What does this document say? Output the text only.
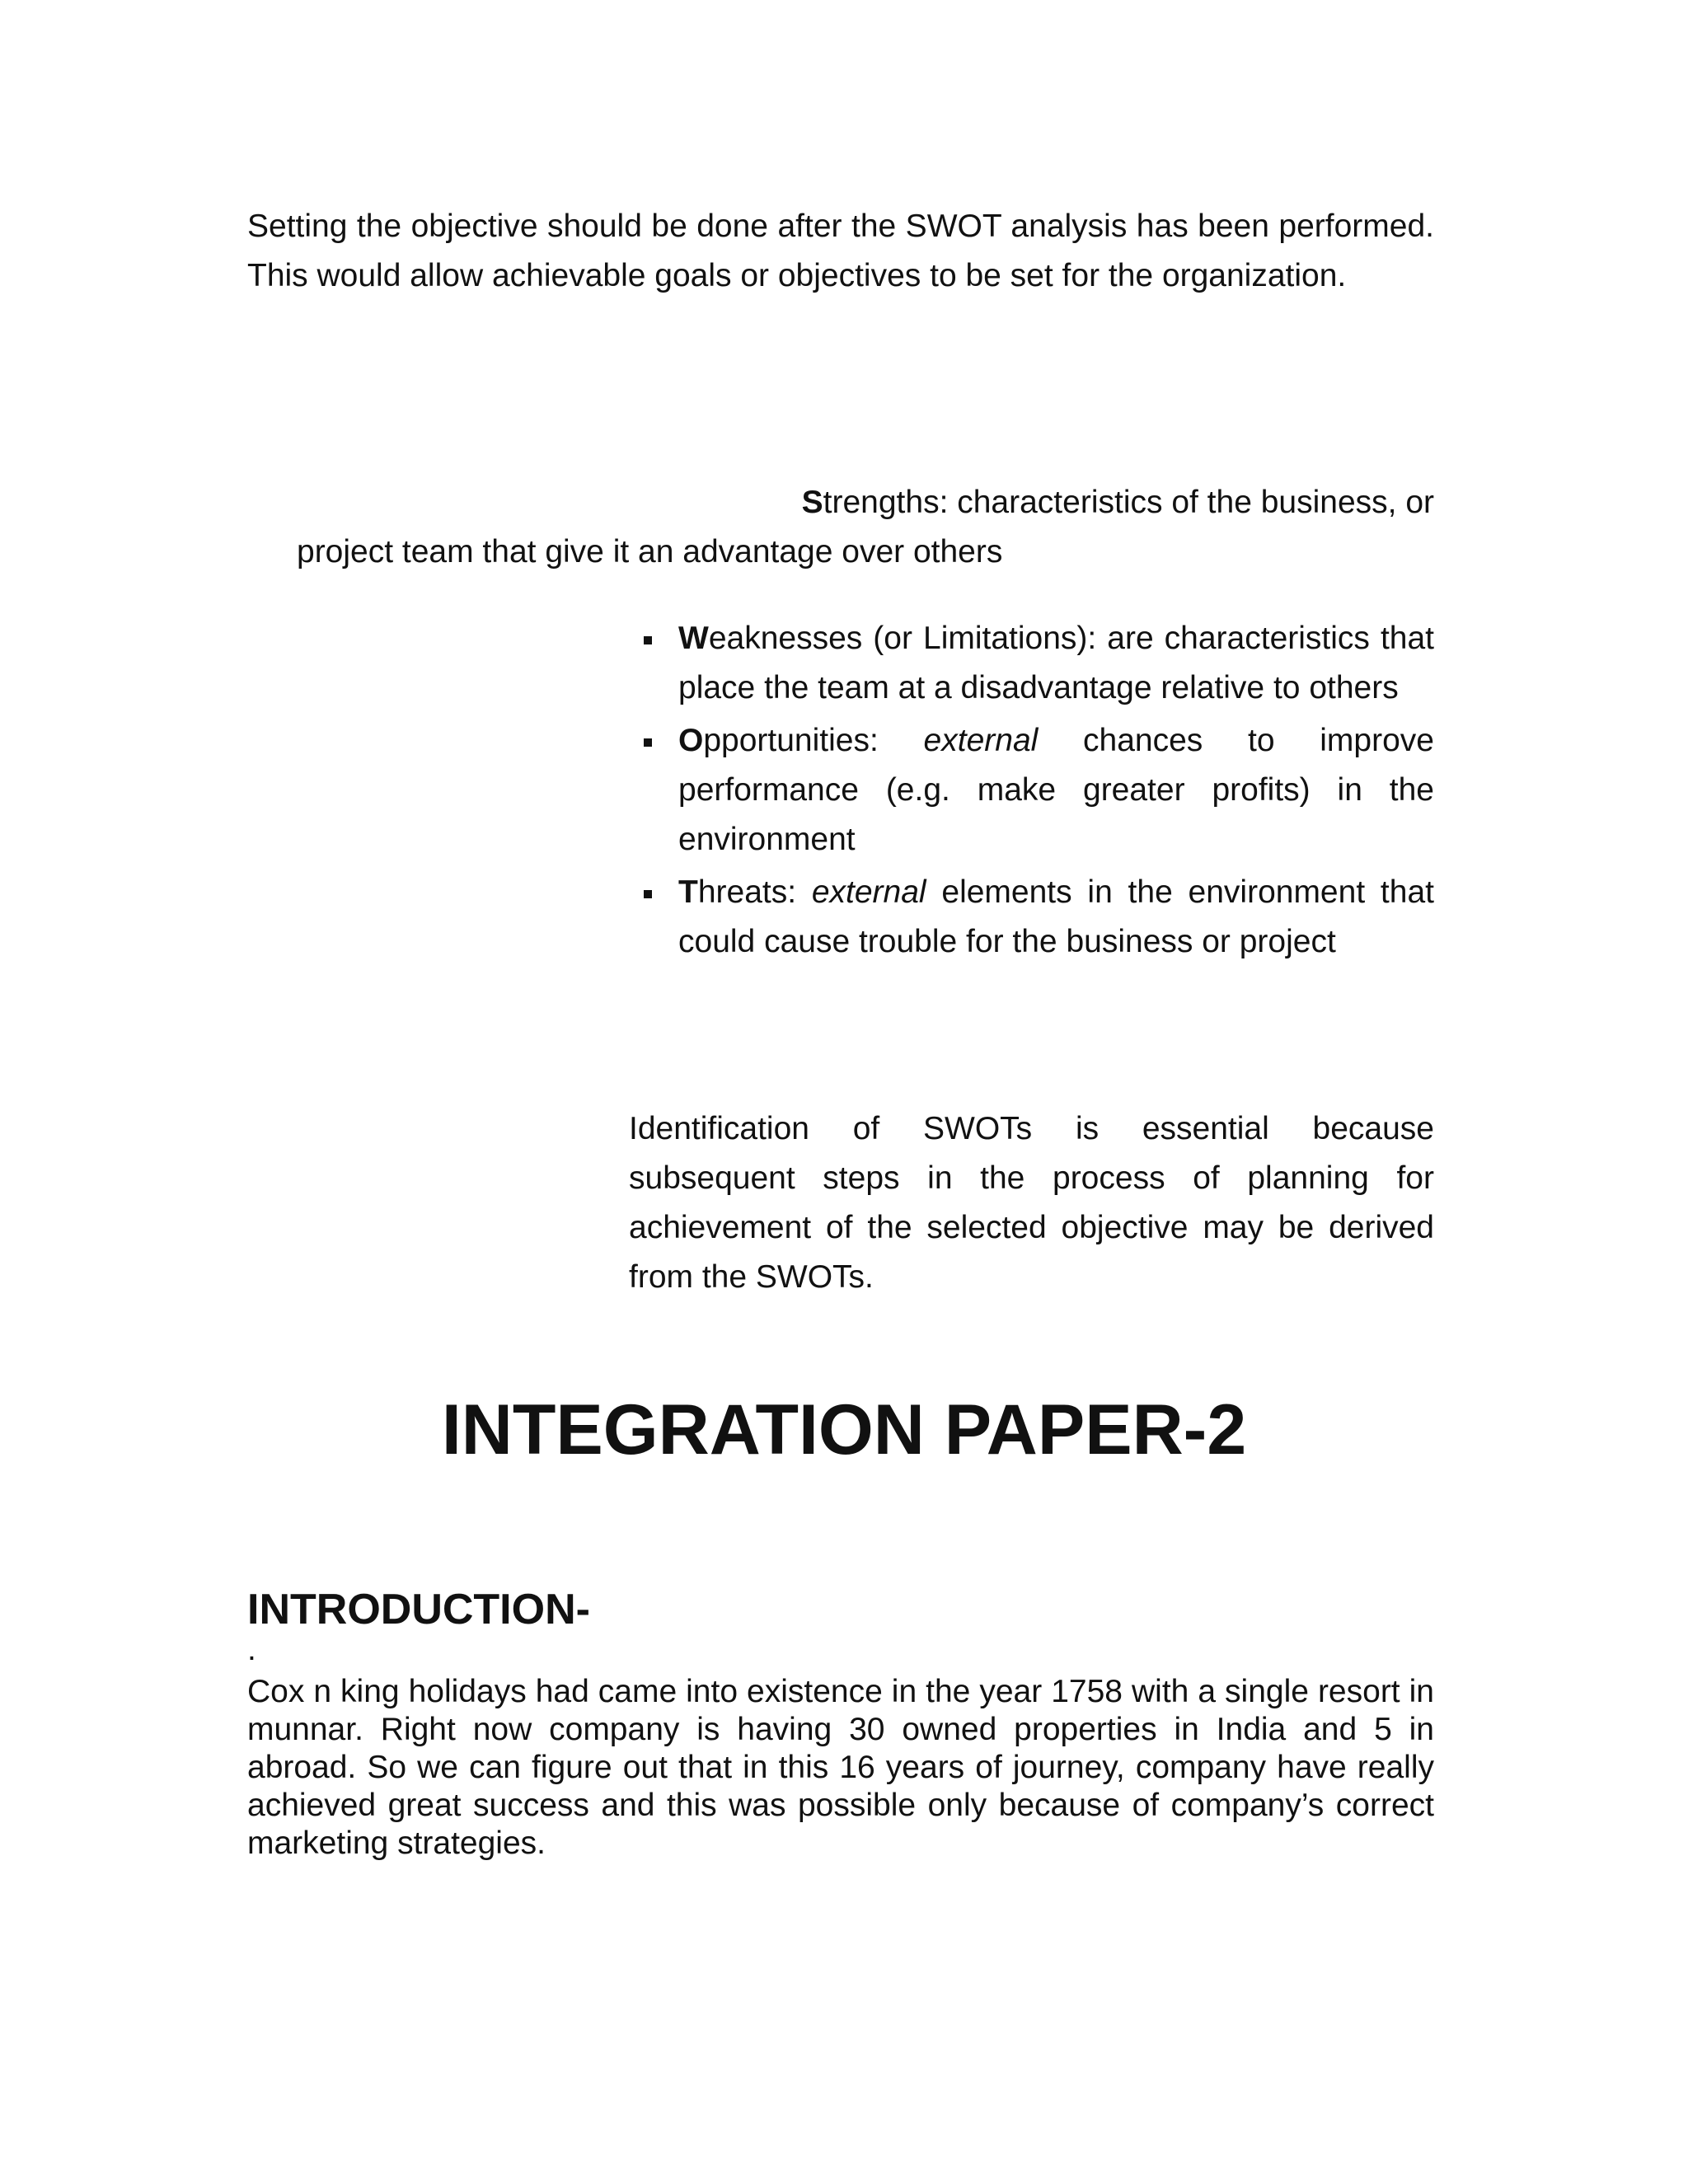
Setting the objective should be done after the SWOT analysis has been performed. This would allow achievable goals or objectives to be set for the organization.

Strengths: characteristics of the business, or
project team that give it an advantage over others

Weaknesses (or Limitations): are characteristics that place the team at a disadvantage relative to others
Opportunities: external chances to improve performance (e.g. make greater profits) in the environment
Threats: external elements in the environment that could cause trouble for the business or project

Identification of SWOTs is essential because subsequent steps in the process of planning for achievement of the selected objective may be derived from the SWOTs.

INTEGRATION PAPER-2
INTRODUCTION-

.

Cox n king holidays had came into existence in the year 1758 with a single resort in munnar. Right now company is having 30 owned properties in India and 5 in abroad. So we can figure out that in this 16 years of journey, company have really achieved great success and this was possible only because of company’s correct marketing strategies.
